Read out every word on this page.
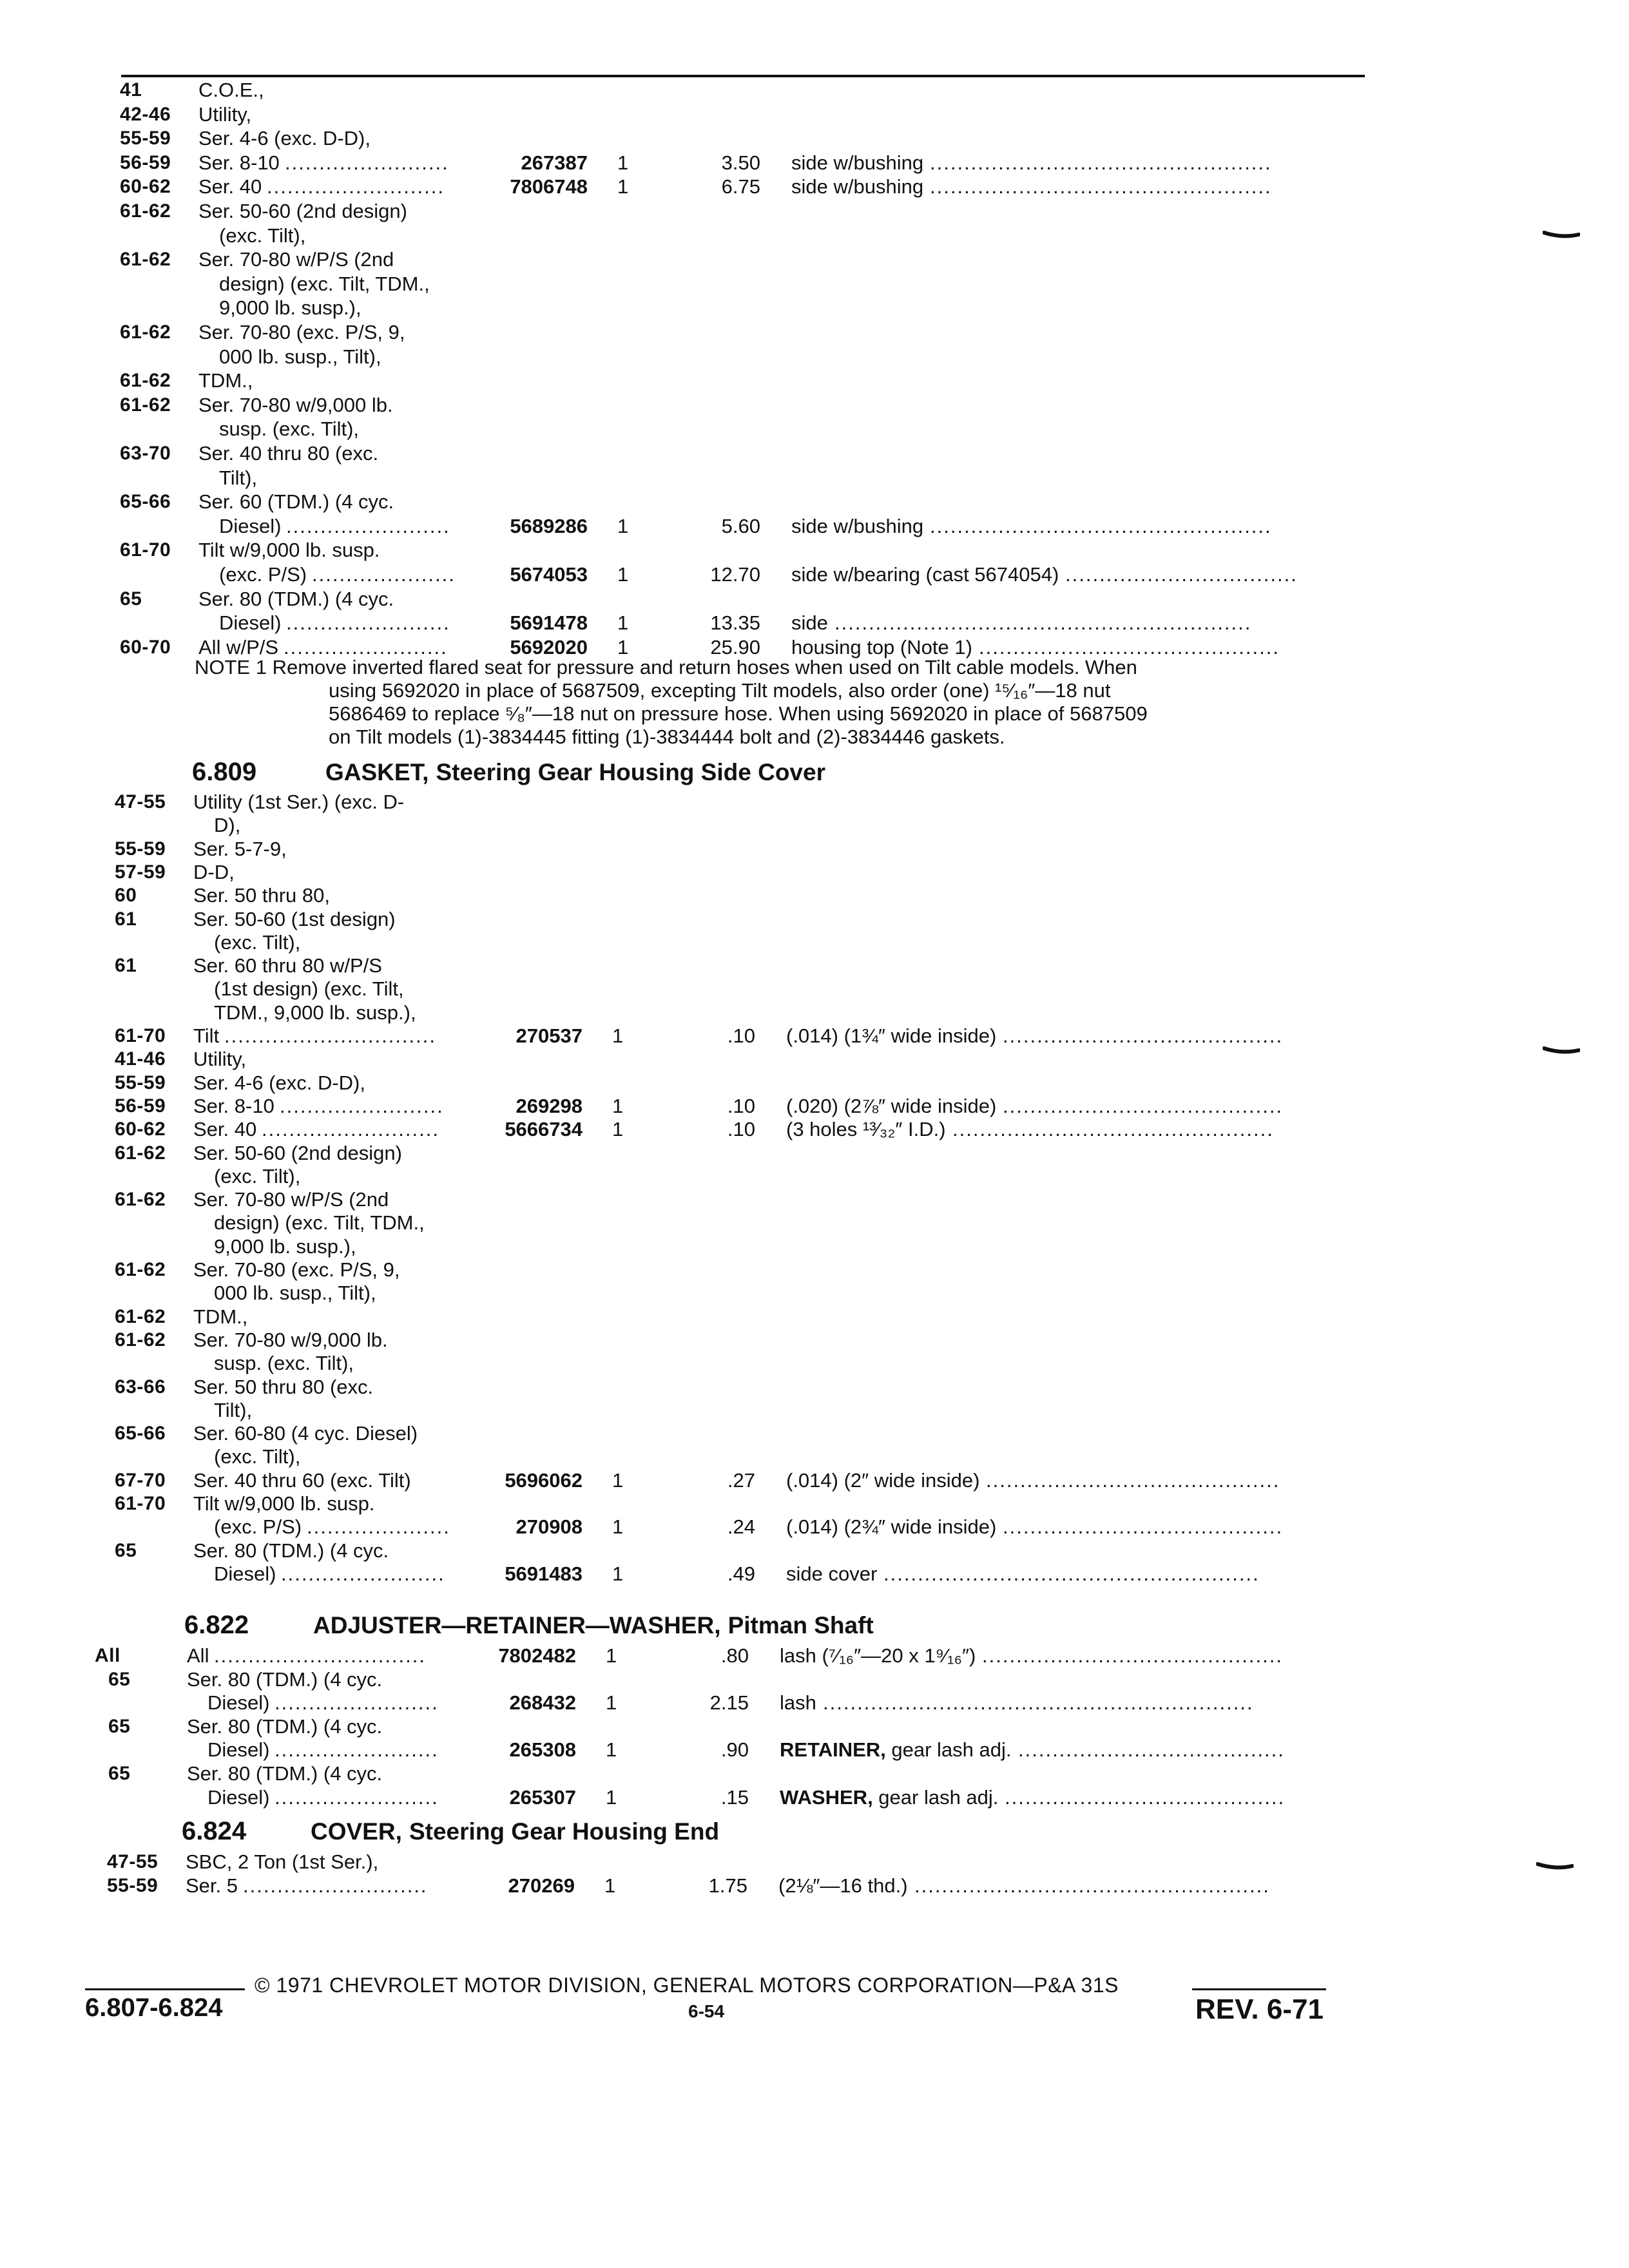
41	C.O.E.,
42-46 Utility,
55-59 Ser. 4-6 (exc. D-D),
56-59 Ser. 8-10 ........................	267387 1	3.50 side w/bushing ..................................................
60-62 Ser. 40 ..........................	7806748 1	6.75 side w/bushing ..................................................
61-62 Ser. 50-60 (2nd design)
(exc. Tilt),
61-62 Ser. 70-80 w/P/S (2nd
design) (exc. Tilt, TDM.,
9,000 lb. susp.),
61-62 Ser. 70-80 (exc. P/S, 9,
000 lb. susp., Tilt),
61-62 TDM.,
61-62 Ser. 70-80 w/9,000 lb.
susp. (exc. Tilt),
63-70 Ser. 40 thru 80 (exc.
Tilt),
65-66 Ser. 60 (TDM.) (4 cyc.
Diesel) ........................	5689286 1	5.60 side w/bushing ..................................................
61-70 Tilt w/9,000 lb. susp.
(exc. P/S) .....................	5674053 1	12.70 side w/bearing (cast 5674054) ..................................
65	Ser. 80 (TDM.) (4 cyc.
Diesel) ........................	5691478 1	13.35 side .............................................................
60-70 All w/P/S ........................	5692020 1	25.90 housing top (Note 1) ............................................
NOTE 1 Remove inverted flared seat for pressure and return hoses when used on Tilt cable models. When
using 5692020 in place of 5687509, excepting Tilt models, also order (one) ¹⁵⁄₁₆″—18 nut
5686469 to replace ⁵⁄₈″—18 nut on pressure hose. When using 5692020 in place of 5687509
on Tilt models (1)-3834445 fitting (1)-3834444 bolt and (2)-3834446 gaskets.
6.809	GASKET, Steering Gear Housing Side Cover
47-55 Utility (1st Ser.) (exc. D-
D),
55-59 Ser. 5-7-9,
57-59 D-D,
60	Ser. 50 thru 80,
61	Ser. 50-60 (1st design)
(exc. Tilt),
61	Ser. 60 thru 80 w/P/S
(1st design) (exc. Tilt,
TDM., 9,000 lb. susp.),
61-70 Tilt ...............................	270537 1	.10 (.014) (1¾″ wide inside) .........................................
41-46 Utility,
55-59 Ser. 4-6 (exc. D-D),
56-59 Ser. 8-10 ........................	269298 1	.10 (.020) (2⅞″ wide inside) .........................................
60-62 Ser. 40 ..........................	5666734 1	.10 (3 holes ¹³⁄₃₂″ I.D.) ...............................................
61-62 Ser. 50-60 (2nd design)
(exc. Tilt),
61-62 Ser. 70-80 w/P/S (2nd
design) (exc. Tilt, TDM.,
9,000 lb. susp.),
61-62 Ser. 70-80 (exc. P/S, 9,
000 lb. susp., Tilt),
61-62 TDM.,
61-62 Ser. 70-80 w/9,000 lb.
susp. (exc. Tilt),
63-66 Ser. 50 thru 80 (exc.
Tilt),
65-66 Ser. 60-80 (4 cyc. Diesel)
(exc. Tilt),
67-70 Ser. 40 thru 60 (exc. Tilt)	5696062 1	.27 (.014) (2″ wide inside) ...........................................
61-70 Tilt w/9,000 lb. susp.
(exc. P/S) .....................	270908 1	.24 (.014) (2¾″ wide inside) .........................................
65	Ser. 80 (TDM.) (4 cyc.
Diesel) ........................	5691483 1	.49 side cover .......................................................
6.822	ADJUSTER—RETAINER—WASHER, Pitman Shaft
All	All ...............................	7802482 1	.80 lash (⁷⁄₁₆″—20 x 1⁹⁄₁₆″) ............................................
65	Ser. 80 (TDM.) (4 cyc.
Diesel) ........................	268432 1	2.15 lash ...............................................................
65	Ser. 80 (TDM.) (4 cyc.
Diesel) ........................	265308 1	.90 RETAINER, gear lash adj. .......................................
65	Ser. 80 (TDM.) (4 cyc.
Diesel) ........................	265307 1	.15 WASHER, gear lash adj. .........................................
6.824	COVER, Steering Gear Housing End
47-55 SBC, 2 Ton (1st Ser.),
55-59 Ser. 5 ...........................	270269 1	1.75 (2⅛″—16 thd.) ....................................................
© 1971 CHEVROLET MOTOR DIVISION, GENERAL MOTORS CORPORATION—P&A 31S
6.807-6.824	6-54	REV. 6-71
